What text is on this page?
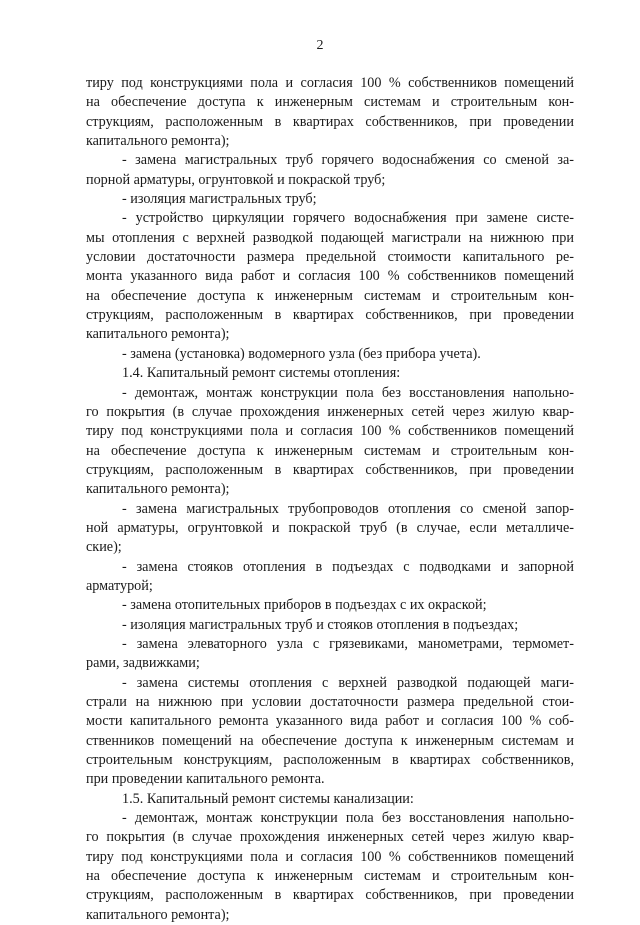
2
тиру под конструкциями пола и согласия 100 % собственников помещений
на обеспечение доступа к инженерным системам и строительным кон-
струкциям, расположенным в квартирах собственников, при проведении
капитального ремонта);
- замена магистральных труб горячего водоснабжения со сменой за-
порной арматуры, огрунтовкой и покраской труб;
- изоляция магистральных труб;
- устройство циркуляции горячего водоснабжения при замене систе-
мы отопления с верхней разводкой подающей магистрали на нижнюю при
условии достаточности размера предельной стоимости капитального ре-
монта указанного вида работ и согласия 100 % собственников помещений
на обеспечение доступа к инженерным системам и строительным кон-
струкциям, расположенным в квартирах собственников, при проведении
капитального ремонта);
- замена (установка) водомерного узла (без прибора учета).
1.4. Капитальный ремонт системы отопления:
- демонтаж, монтаж конструкции пола без восстановления напольно-
го покрытия (в случае прохождения инженерных сетей через жилую квар-
тиру под конструкциями пола и согласия 100 % собственников помещений
на обеспечение доступа к инженерным системам и строительным кон-
струкциям, расположенным в квартирах собственников, при проведении
капитального ремонта);
- замена магистральных трубопроводов отопления со сменой запор-
ной арматуры, огрунтовкой и покраской труб (в случае, если металличе-
ские);
- замена стояков отопления в подъездах с подводками и запорной
арматурой;
- замена отопительных приборов в подъездах с их окраской;
- изоляция магистральных труб и стояков отопления в подъездах;
- замена элеваторного узла с грязевиками, манометрами, термомет-
рами, задвижками;
- замена системы отопления с верхней разводкой подающей маги-
страли на нижнюю при условии достаточности размера предельной стои-
мости капитального ремонта указанного вида работ и согласия 100 % соб-
ственников помещений на обеспечение доступа к инженерным системам и
строительным конструкциям, расположенным в квартирах собственников,
при проведении капитального ремонта.
1.5. Капитальный ремонт системы канализации:
- демонтаж, монтаж конструкции пола без восстановления напольно-
го покрытия (в случае прохождения инженерных сетей через жилую квар-
тиру под конструкциями пола и согласия 100 % собственников помещений
на обеспечение доступа к инженерным системам и строительным кон-
струкциям, расположенным в квартирах собственников, при проведении
капитального ремонта);
